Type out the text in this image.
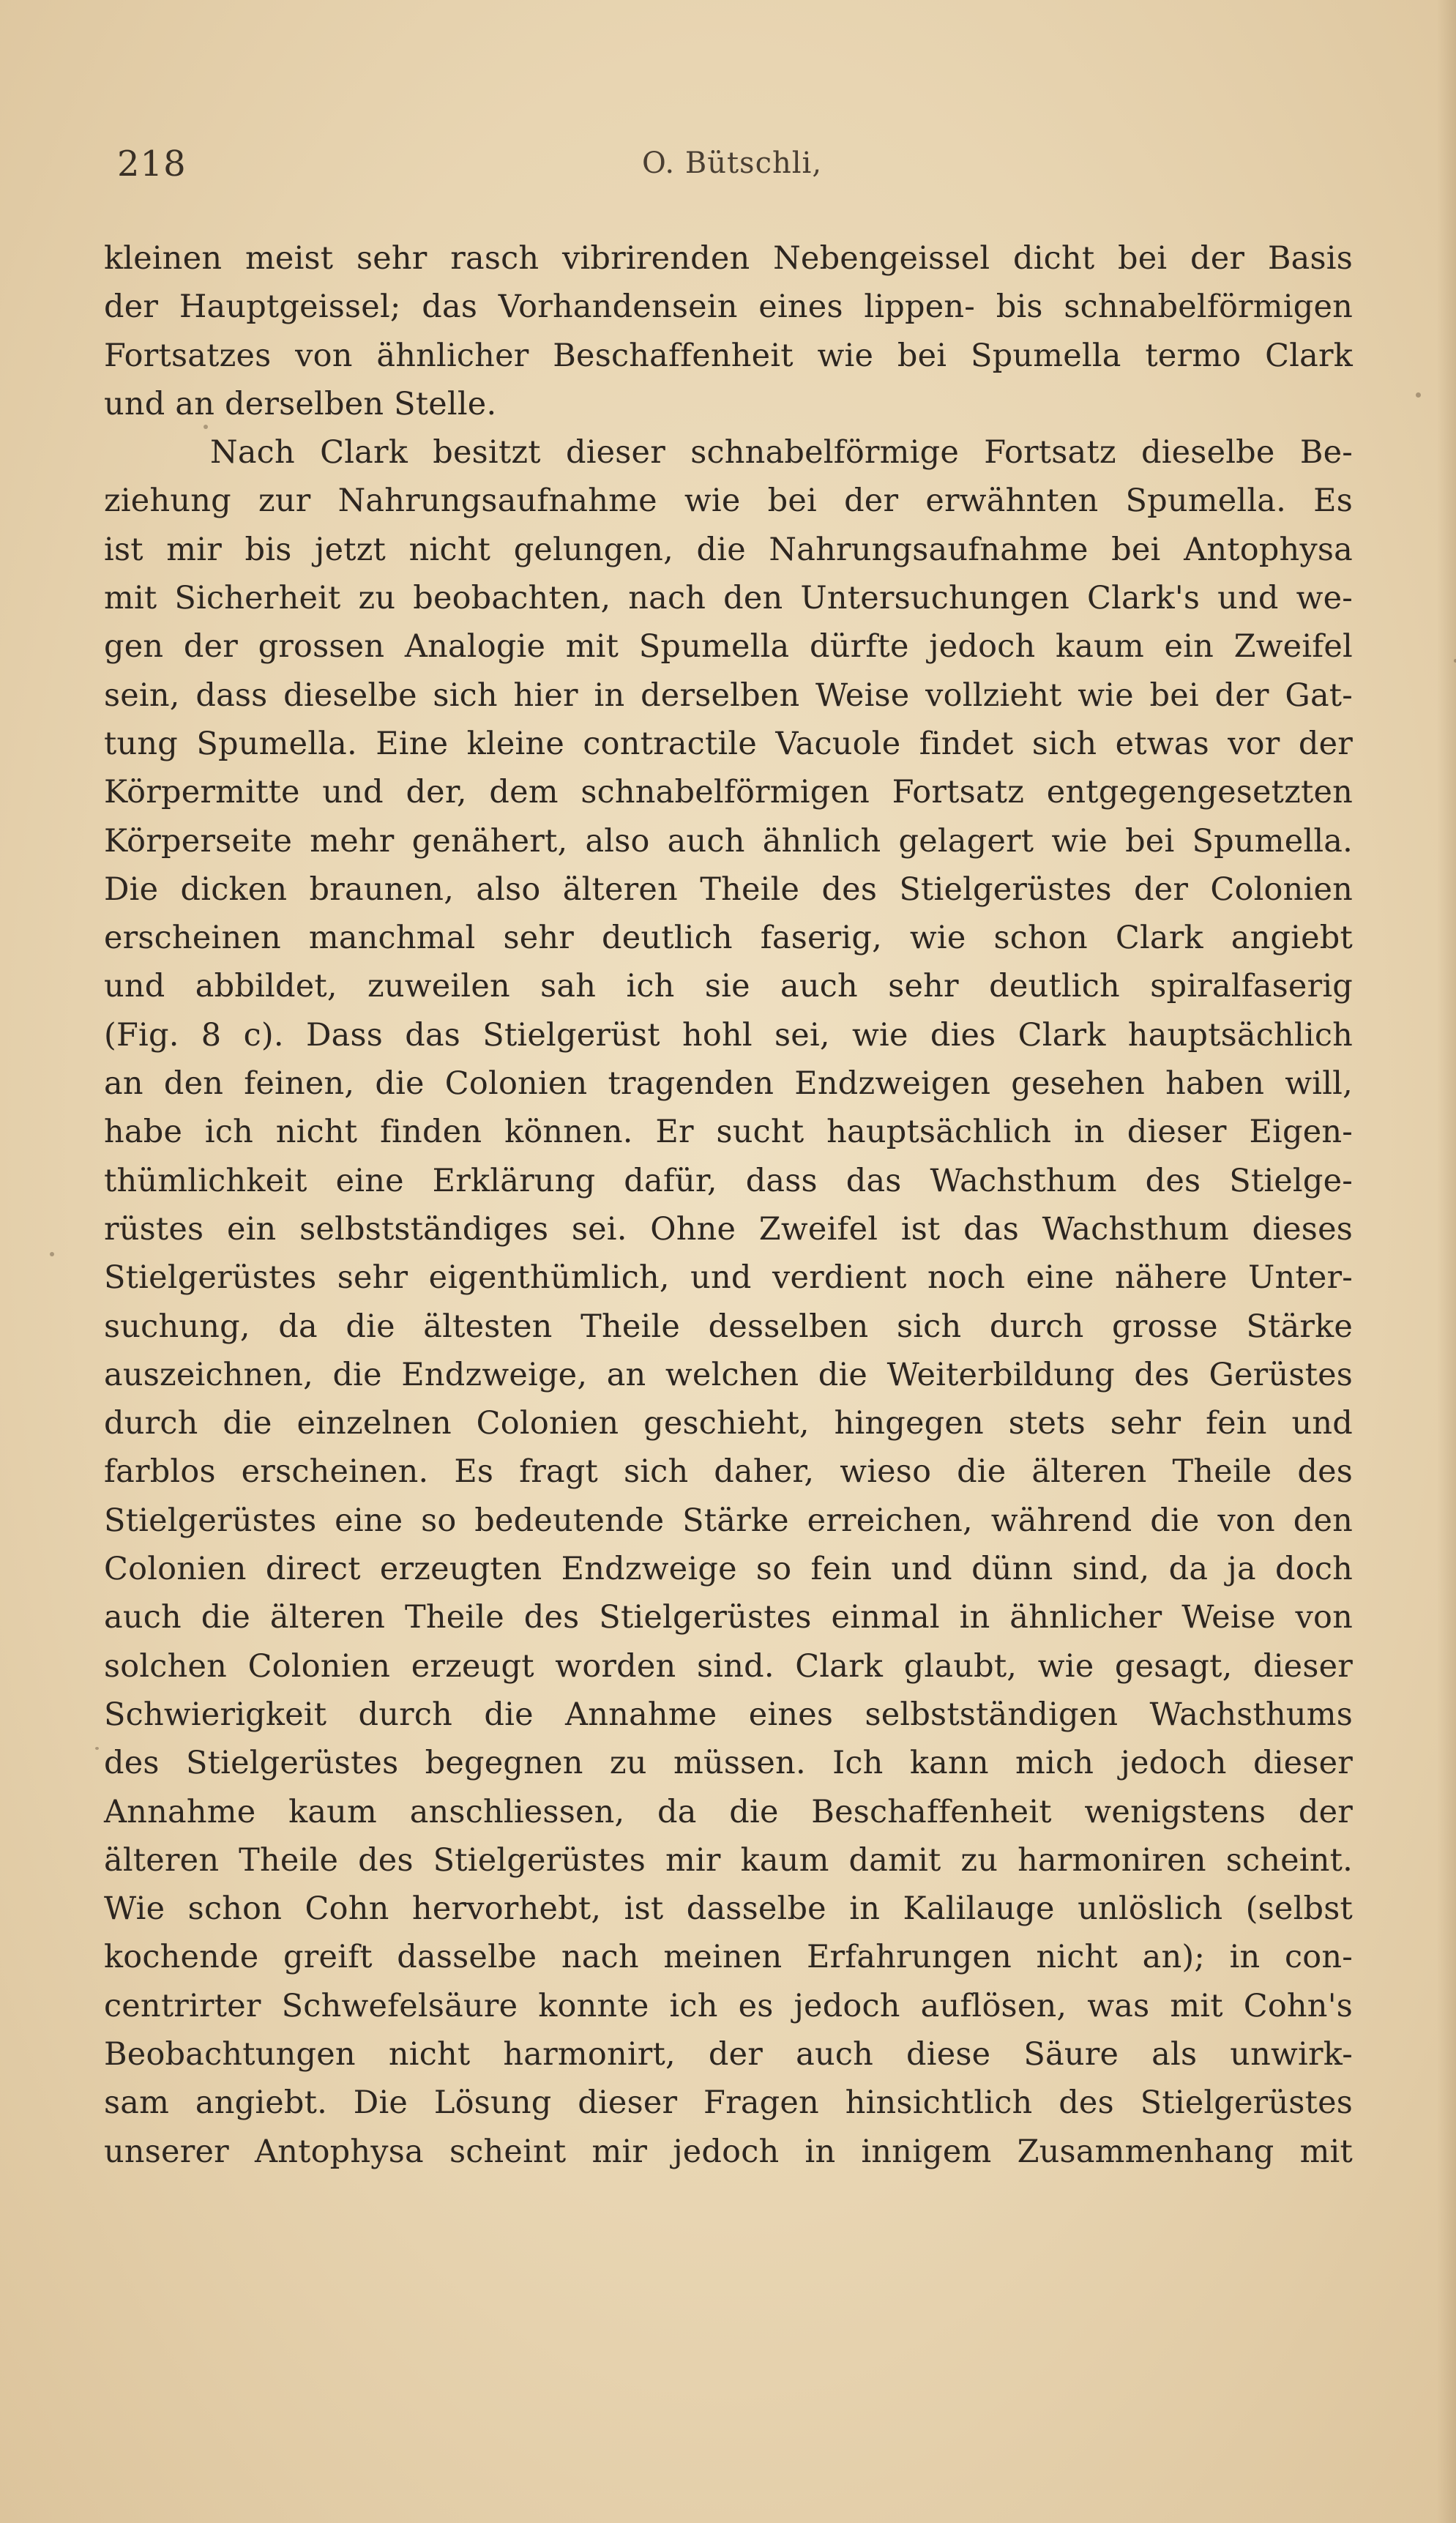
218	O. Bütschli,
kleinen meist sehr rasch vibrirenden Nebengeissel dicht bei der Basis
der Hauptgeissel; das Vorhandensein eines lippen- bis schnabelförmigen
Fortsatzes von ähnlicher Beschaffenheit wie bei Spumella termo Clark
und an derselben Stelle.
Nach Clark besitzt dieser schnabelförmige Fortsatz dieselbe Be-
ziehung zur Nahrungsaufnahme wie bei der erwähnten Spumella. Es
ist mir bis jetzt nicht gelungen, die Nahrungsaufnahme bei Antophysa
mit Sicherheit zu beobachten, nach den Untersuchungen Clark's und we-
gen der grossen Analogie mit Spumella dürfte jedoch kaum ein Zweifel
sein, dass dieselbe sich hier in derselben Weise vollzieht wie bei der Gat-
tung Spumella. Eine kleine contractile Vacuole findet sich etwas vor der
Körpermitte und der, dem schnabelförmigen Fortsatz entgegengesetzten
Körperseite mehr genähert, also auch ähnlich gelagert wie bei Spumella.
Die dicken braunen, also älteren Theile des Stielgerüstes der Colonien
erscheinen manchmal sehr deutlich faserig, wie schon Clark angiebt
und abbildet, zuweilen sah ich sie auch sehr deutlich spiralfaserig
(Fig. 8 c). Dass das Stielgerüst hohl sei, wie dies Clark hauptsächlich
an den feinen, die Colonien tragenden Endzweigen gesehen haben will,
habe ich nicht finden können. Er sucht hauptsächlich in dieser Eigen-
thümlichkeit eine Erklärung dafür, dass das Wachsthum des Stielge-
rüstes ein selbstständiges sei. Ohne Zweifel ist das Wachsthum dieses
Stielgerüstes sehr eigenthümlich, und verdient noch eine nähere Unter-
suchung, da die ältesten Theile desselben sich durch grosse Stärke
auszeichnen, die Endzweige, an welchen die Weiterbildung des Gerüstes
durch die einzelnen Colonien geschieht, hingegen stets sehr fein und
farblos erscheinen. Es fragt sich daher, wieso die älteren Theile des
Stielgerüstes eine so bedeutende Stärke erreichen, während die von den
Colonien direct erzeugten Endzweige so fein und dünn sind, da ja doch
auch die älteren Theile des Stielgerüstes einmal in ähnlicher Weise von
solchen Colonien erzeugt worden sind. Clark glaubt, wie gesagt, dieser
Schwierigkeit durch die Annahme eines selbstständigen Wachsthums
des Stielgerüstes begegnen zu müssen. Ich kann mich jedoch dieser
Annahme kaum anschliessen, da die Beschaffenheit wenigstens der
älteren Theile des Stielgerüstes mir kaum damit zu harmoniren scheint.
Wie schon Cohn hervorhebt, ist dasselbe in Kalilauge unlöslich (selbst
kochende greift dasselbe nach meinen Erfahrungen nicht an); in con-
centrirter Schwefelsäure konnte ich es jedoch auflösen, was mit Cohn's
Beobachtungen nicht harmonirt, der auch diese Säure als unwirk-
sam angiebt. Die Lösung dieser Fragen hinsichtlich des Stielgerüstes
unserer Antophysa scheint mir jedoch in innigem Zusammenhang mit
